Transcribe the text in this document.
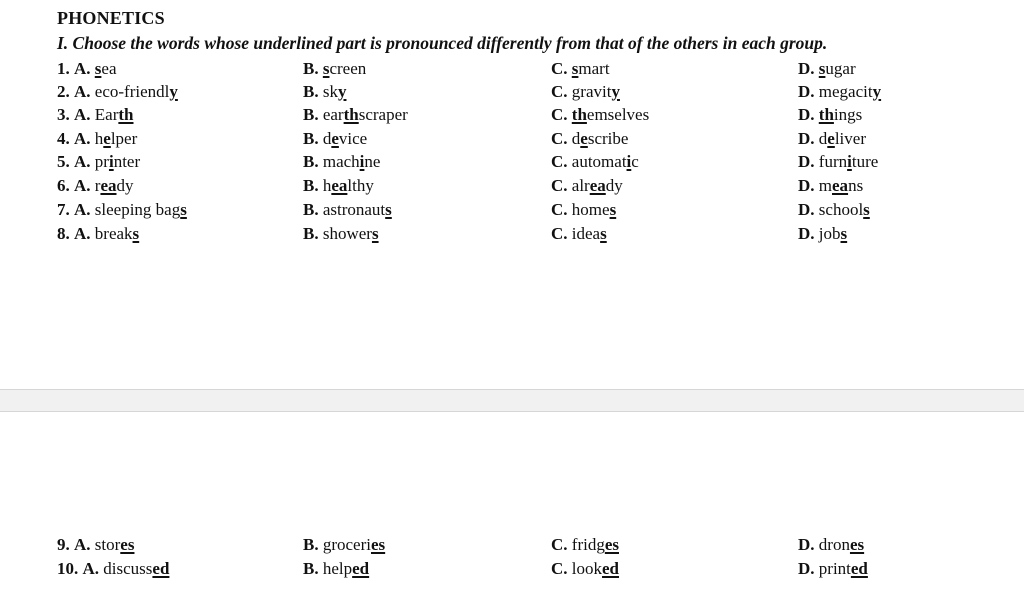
PHONETICS
I. Choose the words whose underlined part is pronounced differently from that of the others in each group.
1. A. sea	B. screen	C. smart	D. sugar
2. A. eco-friendly	B. sky	C. gravity	D. megacity
3. A. Earth	B. earthscraper	C. themselves	D. things
4. A. helper	B. device	C. describe	D. deliver
5. A. printer	B. machine	C. automatic	D. furniture
6. A. ready	B. healthy	C. already	D. means
7. A. sleeping bags	B. astronauts	C. homes	D. schools
8. A. breaks	B. showers	C. ideas	D. jobs
9. A. stores	B. groceries	C. fridges	D. drones
10. A. discussed	B. helped	C. looked	D. printed
